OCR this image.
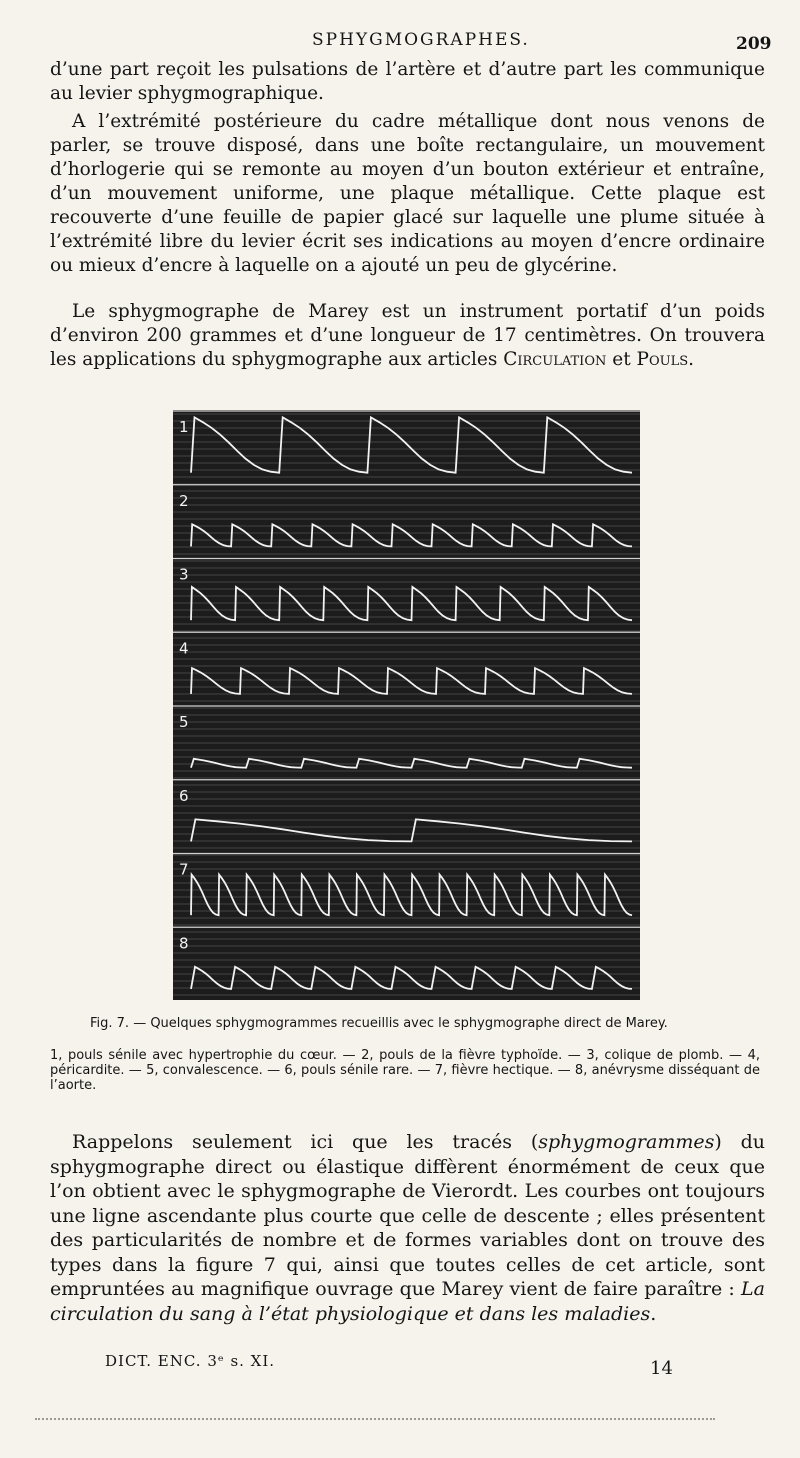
SPHYGMOGRAPHES.	209

d’une part reçoit les pulsations de l’artère et d’autre part les communique au levier sphygmographique.

A l’extrémité postérieure du cadre métallique dont nous venons de parler, se trouve disposé, dans une boîte rectangulaire, un mouvement d’horlogerie qui se remonte au moyen d’un bouton extérieur et entraîne, d’un mouvement uniforme, une plaque métallique. Cette plaque est recouverte d’une feuille de papier glacé sur laquelle une plume située à l’extrémité libre du levier écrit ses indications au moyen d’encre ordinaire ou mieux d’encre à laquelle on a ajouté un peu de glycérine.

Le sphygmographe de Marey est un instrument portatif d’un poids d’environ 200 grammes et d’une longueur de 17 centimètres. On trouvera les applications du sphygmographe aux articles Circulation et Pouls.

1
2
3
4
5
6
7
8
Fig. 7. — Quelques sphygmogrammes recueillis avec le sphygmographe direct de Marey.
1, pouls sénile avec hypertrophie du cœur. — 2, pouls de la fièvre typhoïde. — 3, colique de plomb. — 4, péricardite. — 5, convalescence. — 6, pouls sénile rare. — 7, fièvre hectique. — 8, anévrysme disséquant de l’aorte.

Rappelons seulement ici que les tracés (sphygmogrammes) du sphygmographe direct ou élastique diffèrent énormément de ceux que l’on obtient avec le sphygmographe de Vierordt. Les courbes ont toujours une ligne ascendante plus courte que celle de descente ; elles présentent des particularités de nombre et de formes variables dont on trouve des types dans la figure 7 qui, ainsi que toutes celles de cet article, sont empruntées au magnifique ouvrage que Marey vient de faire paraître : La circulation du sang à l’état physiologique et dans les maladies.

DICT. ENC. 3ᵉ s. XI.	14
